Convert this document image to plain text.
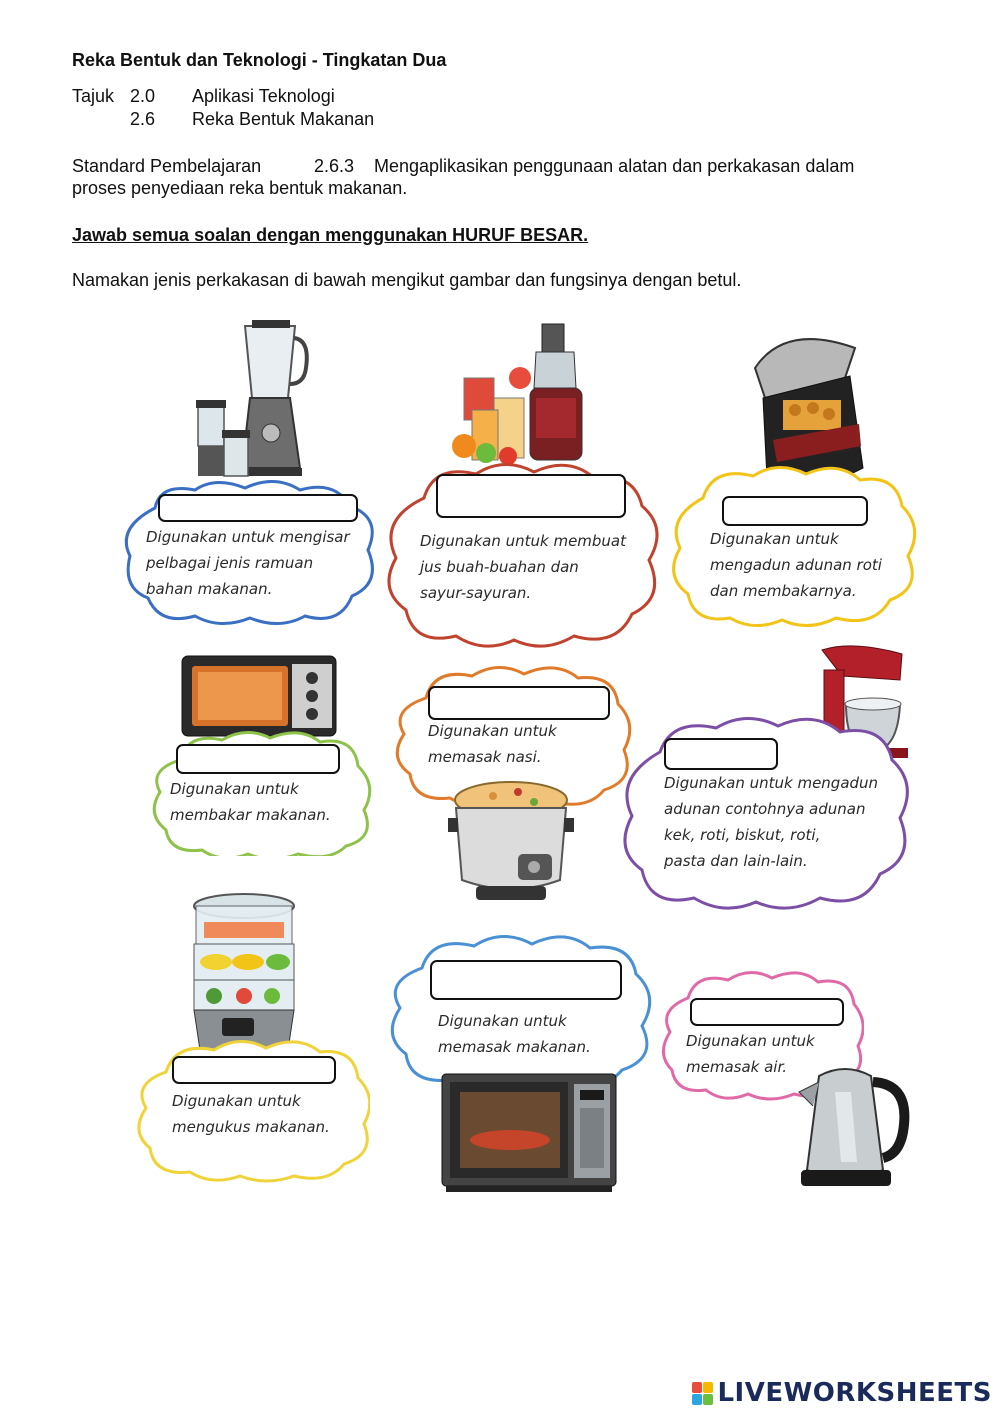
Reka Bentuk dan Teknologi - Tingkatan Dua
Tajuk 2.0 Aplikasi Teknologi
2.6 Reka Bentuk Makanan
Standard Pembelajaran	2.6.3 Mengaplikasikan penggunaan alatan dan perkakasan dalam
proses penyediaan reka bentuk makanan.
Jawab semua soalan dengan menggunakan HURUF BESAR.
Namakan jenis perkakasan di bawah mengikut gambar dan fungsinya dengan betul.
Digunakan untuk mengisar
pelbagai jenis ramuan
bahan makanan.
Digunakan untuk membuat
jus buah-buahan dan
sayur-sayuran.
Digunakan untuk
mengadun adunan roti
dan membakarnya.
Digunakan untuk
membakar makanan.
Digunakan untuk
memasak nasi.
Digunakan untuk mengadun
adunan contohnya adunan
kek, roti, biskut, roti,
pasta dan lain-lain.
Digunakan untuk
mengukus makanan.
Digunakan untuk
memasak makanan.	Digunakan untuk
memasak air.
LIVEWORKSHEETS
